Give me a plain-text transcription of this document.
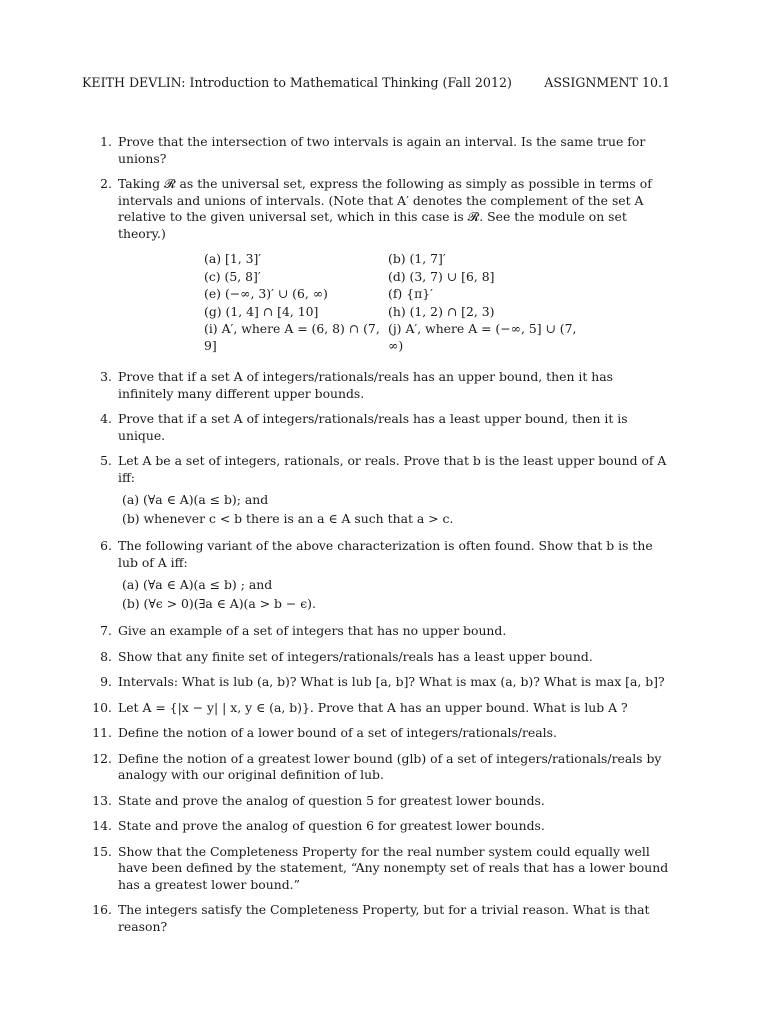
KEITH DEVLIN: Introduction to Mathematical Thinking (Fall 2012)	ASSIGNMENT 10.1
1. Prove that the intersection of two intervals is again an interval. Is the same true for unions?
2. Taking 𝓡 as the universal set, express the following as simply as possible in terms of intervals and unions of intervals. (Note that A′ denotes the complement of the set A relative to the given universal set, which in this case is 𝓡. See the module on set theory.)
(a) [1, 3]′	(b) (1, 7]′
(c) (5, 8]′	(d) (3, 7) ∪ [6, 8]
(e) (−∞, 3)′ ∪ (6, ∞)	(f) {π}′
(g) (1, 4] ∩ [4, 10]	(h) (1, 2) ∩ [2, 3)
(i) A′, where A = (6, 8) ∩ (7, 9]
(j) A′, where A = (−∞, 5] ∪ (7, ∞)
3. Prove that if a set A of integers/rationals/reals has an upper bound, then it has infinitely many different upper bounds.
4. Prove that if a set A of integers/rationals/reals has a least upper bound, then it is unique.
5. Let A be a set of integers, rationals, or reals. Prove that b is the least upper bound of A iff:
(a) (∀a ∈ A)(a ≤ b); and
(b) whenever c < b there is an a ∈ A such that a > c.
6. The following variant of the above characterization is often found. Show that b is the lub of A iff:
(a) (∀a ∈ A)(a ≤ b) ; and
(b) (∀ϵ > 0)(∃a ∈ A)(a > b − ϵ).
7. Give an example of a set of integers that has no upper bound.
8. Show that any finite set of integers/rationals/reals has a least upper bound.
9. Intervals: What is lub (a, b)? What is lub [a, b]? What is max (a, b)? What is max [a, b]?
10. Let A = {|x − y| | x, y ∈ (a, b)}. Prove that A has an upper bound. What is lub A ?
11. Define the notion of a lower bound of a set of integers/rationals/reals.
12. Define the notion of a greatest lower bound (glb) of a set of integers/rationals/reals by analogy with our original definition of lub.
13. State and prove the analog of question 5 for greatest lower bounds.
14. State and prove the analog of question 6 for greatest lower bounds.
15. Show that the Completeness Property for the real number system could equally well have been defined by the statement, “Any nonempty set of reals that has a lower bound has a greatest lower bound.”
16. The integers satisfy the Completeness Property, but for a trivial reason. What is that reason?
